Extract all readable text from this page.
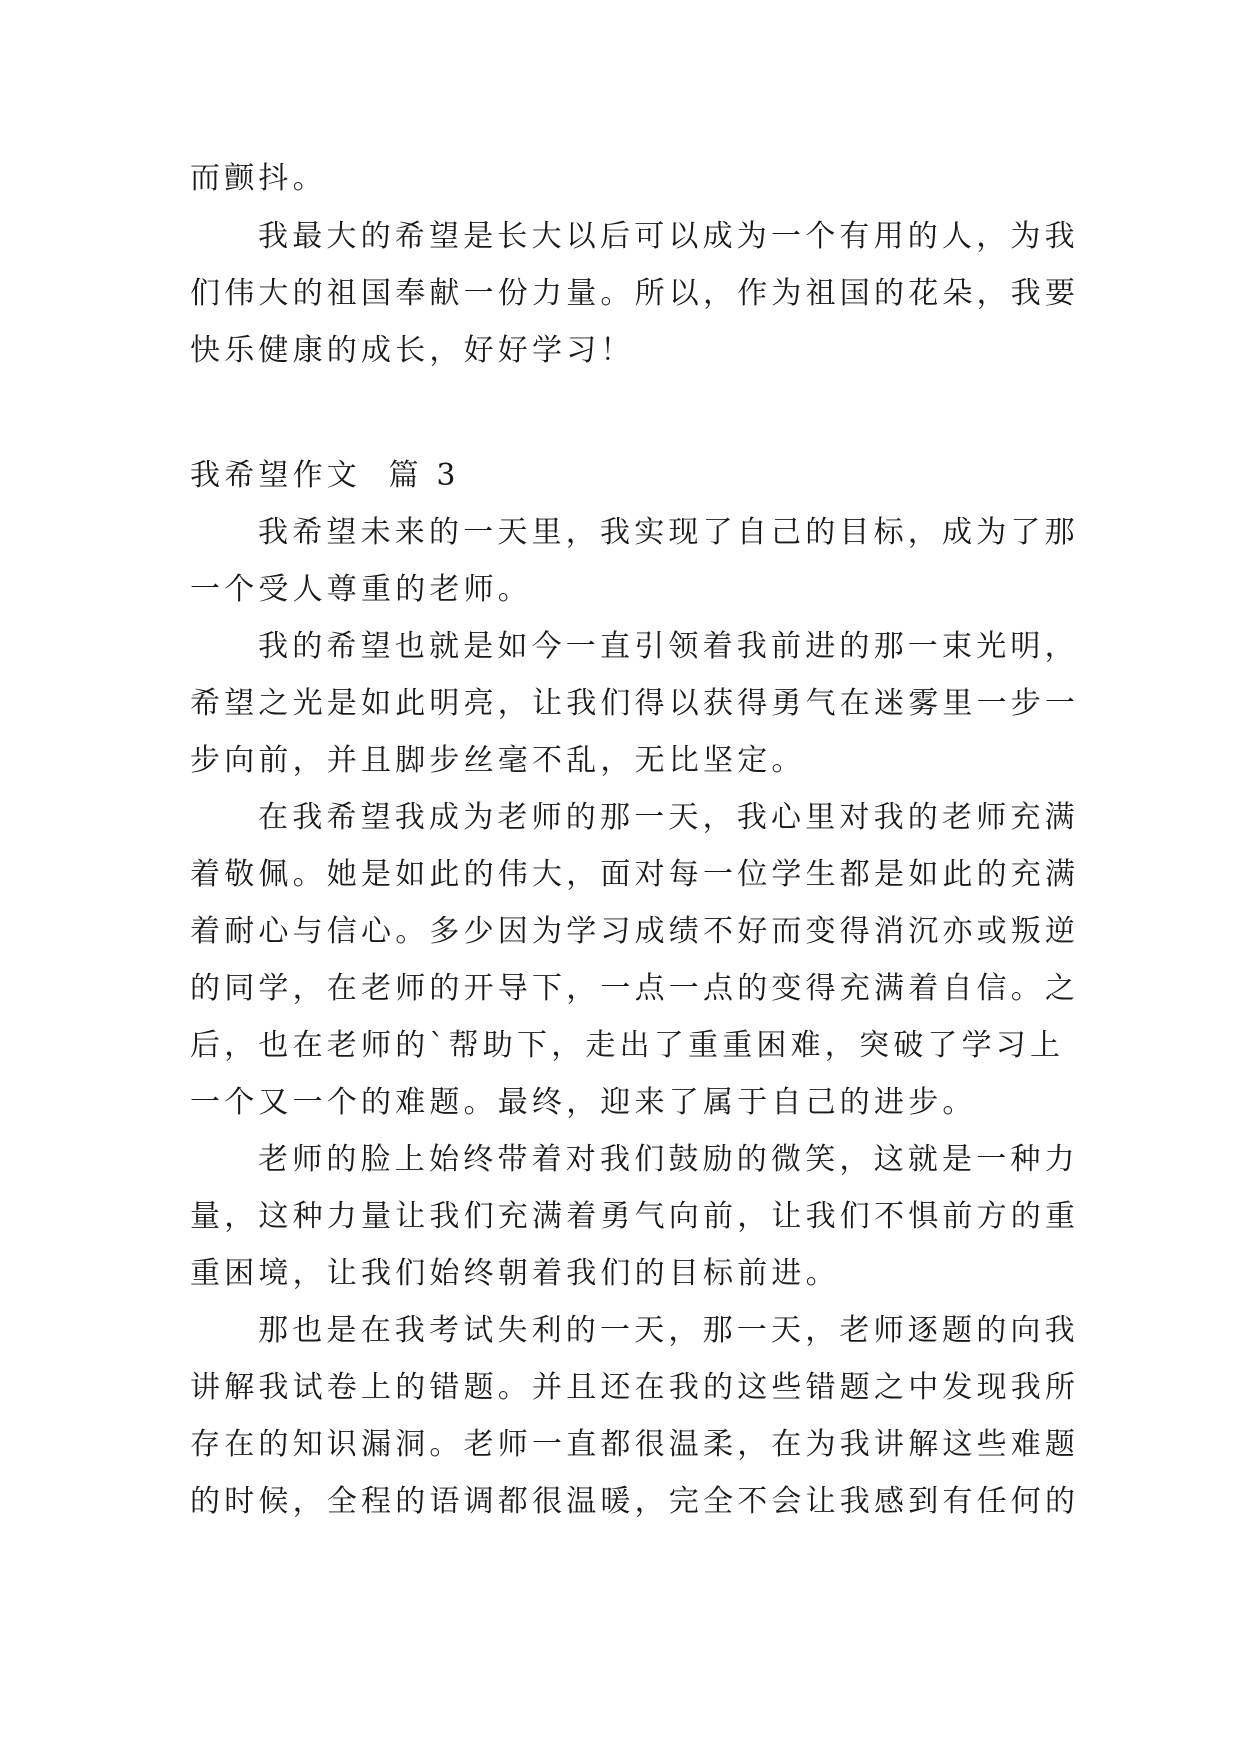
而颤抖。
我最大的希望是长大以后可以成为一个有用的人，为我
们伟大的祖国奉献一份力量。所以，作为祖国的花朵，我要
快乐健康的成长，好好学习！
我希望作文  篇 3
我希望未来的一天里，我实现了自己的目标，成为了那
一个受人尊重的老师。
我的希望也就是如今一直引领着我前进的那一束光明，
希望之光是如此明亮，让我们得以获得勇气在迷雾里一步一
步向前，并且脚步丝毫不乱，无比坚定。
在我希望我成为老师的那一天，我心里对我的老师充满
着敬佩。她是如此的伟大，面对每一位学生都是如此的充满
着耐心与信心。多少因为学习成绩不好而变得消沉亦或叛逆
的同学，在老师的开导下，一点一点的变得充满着自信。之
后，也在老师的`帮助下，走出了重重困难，突破了学习上
一个又一个的难题。最终，迎来了属于自己的进步。
老师的脸上始终带着对我们鼓励的微笑，这就是一种力
量，这种力量让我们充满着勇气向前，让我们不惧前方的重
重困境，让我们始终朝着我们的目标前进。
那也是在我考试失利的一天，那一天，老师逐题的向我
讲解我试卷上的错题。并且还在我的这些错题之中发现我所
存在的知识漏洞。老师一直都很温柔，在为我讲解这些难题
的时候，全程的语调都很温暖，完全不会让我感到有任何的
